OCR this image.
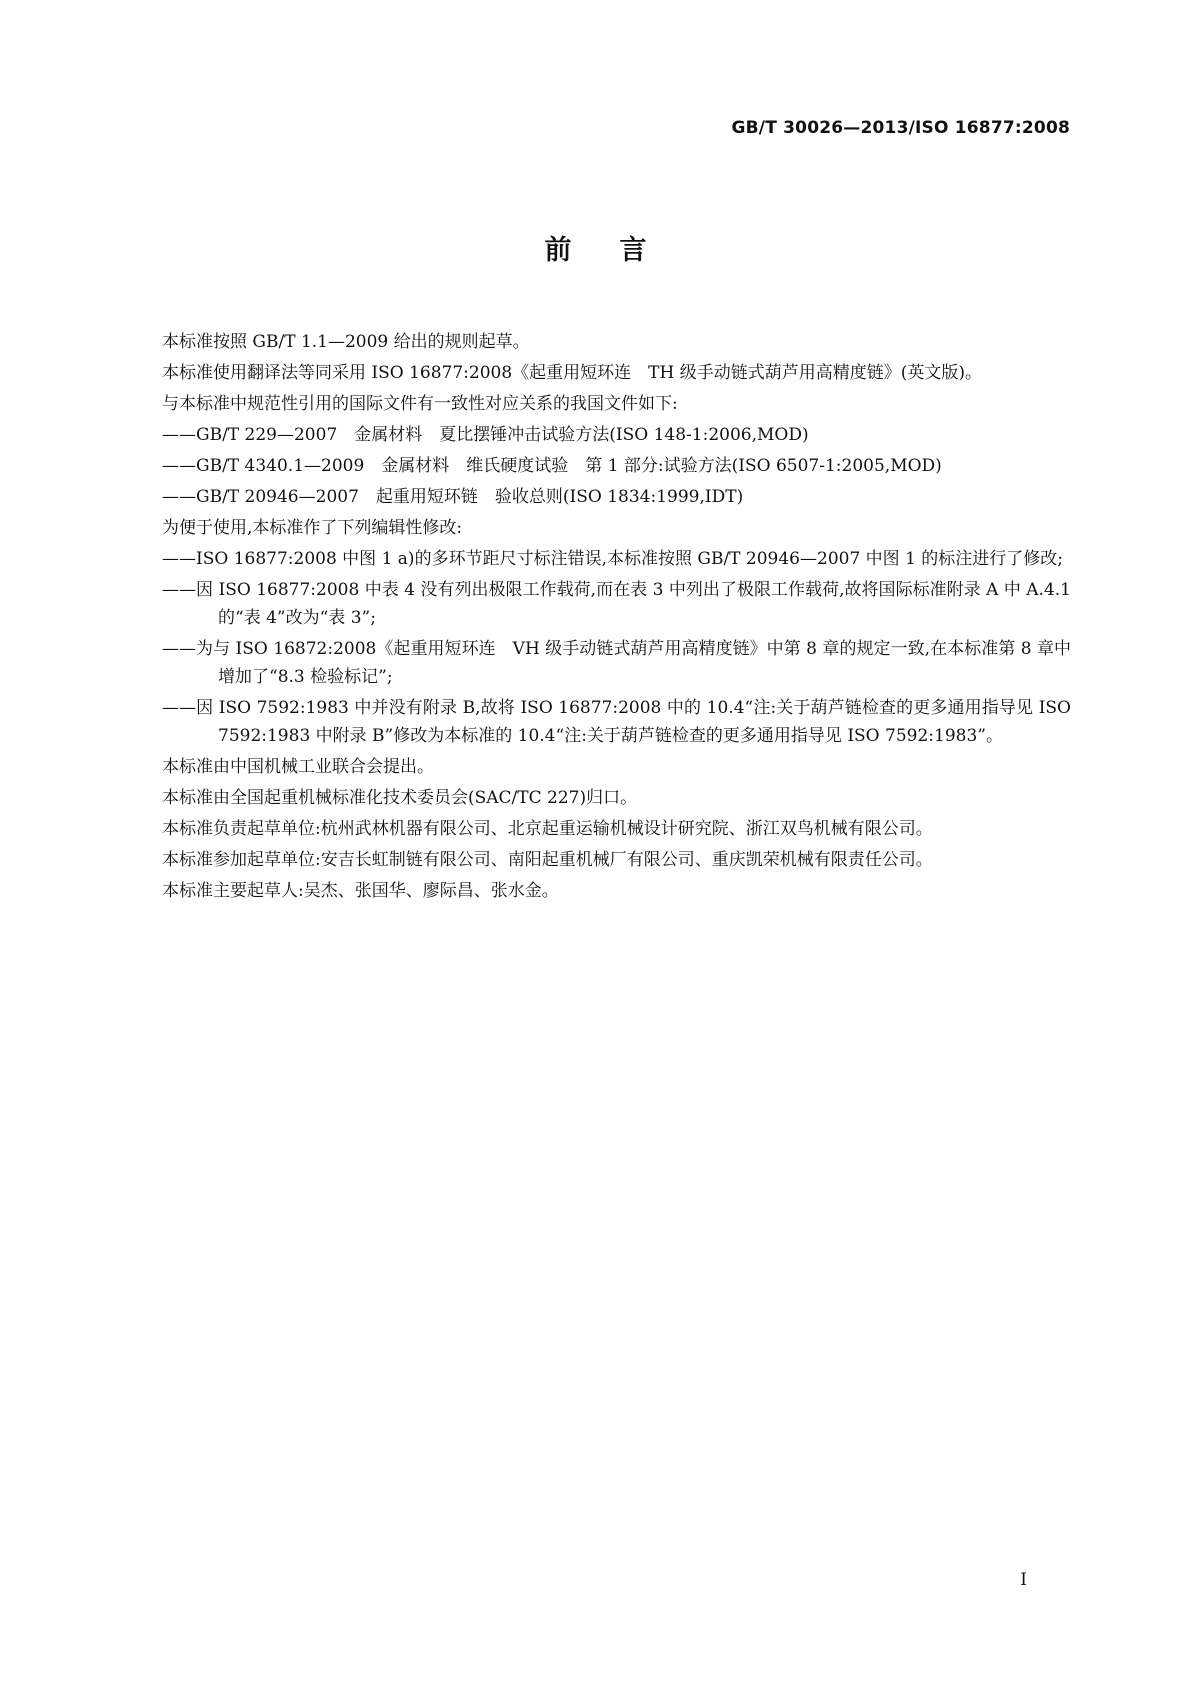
GB/T 30026—2013/ISO 16877:2008
前言
本标准按照 GB/T 1.1—2009 给出的规则起草。
本标准使用翻译法等同采用 ISO 16877:2008《起重用短环连　TH 级手动链式葫芦用高精度链》(英文版)。
与本标准中规范性引用的国际文件有一致性对应关系的我国文件如下:
——GB/T 229—2007　金属材料　夏比摆锤冲击试验方法(ISO 148-1:2006,MOD)
——GB/T 4340.1—2009　金属材料　维氏硬度试验　第 1 部分:试验方法(ISO 6507-1:2005,MOD)
——GB/T 20946—2007　起重用短环链　验收总则(ISO 1834:1999,IDT)
为便于使用,本标准作了下列编辑性修改:
——ISO 16877:2008 中图 1 a)的多环节距尺寸标注错误,本标准按照 GB/T 20946—2007 中图 1 的标注进行了修改;
——因 ISO 16877:2008 中表 4 没有列出极限工作载荷,而在表 3 中列出了极限工作载荷,故将国际标准附录 A 中 A.4.1 的“表 4”改为“表 3”;
——为与 ISO 16872:2008《起重用短环连　VH 级手动链式葫芦用高精度链》中第 8 章的规定一致,在本标准第 8 章中增加了“8.3 检验标记”;
——因 ISO 7592:1983 中并没有附录 B,故将 ISO 16877:2008 中的 10.4“注:关于葫芦链检查的更多通用指导见 ISO 7592:1983 中附录 B”修改为本标准的 10.4“注:关于葫芦链检查的更多通用指导见 ISO 7592:1983”。
本标准由中国机械工业联合会提出。
本标准由全国起重机械标准化技术委员会(SAC/TC 227)归口。
本标准负责起草单位:杭州武林机器有限公司、北京起重运输机械设计研究院、浙江双鸟机械有限公司。
本标准参加起草单位:安吉长虹制链有限公司、南阳起重机械厂有限公司、重庆凯荣机械有限责任公司。
本标准主要起草人:吴杰、张国华、廖际昌、张水金。
I
